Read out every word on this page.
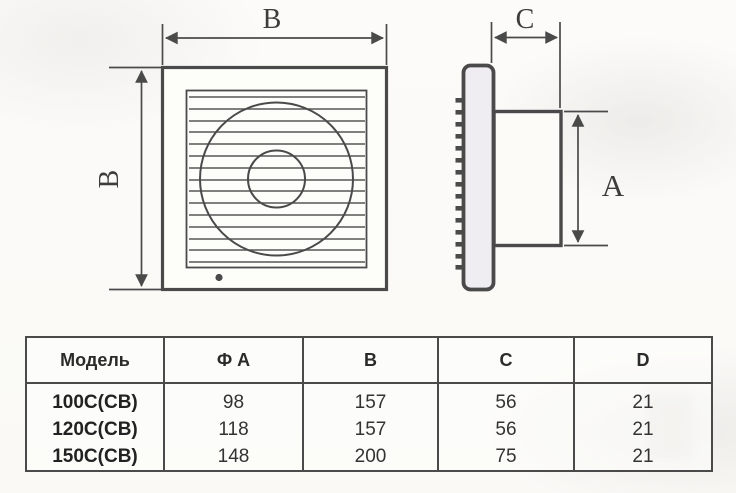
B
B
C
A
Модель	Ф A	B	C	D
100C(CB)	98	157	56	21
120C(CB)	118	157	56	21
150C(CB)	148	200	75	21
